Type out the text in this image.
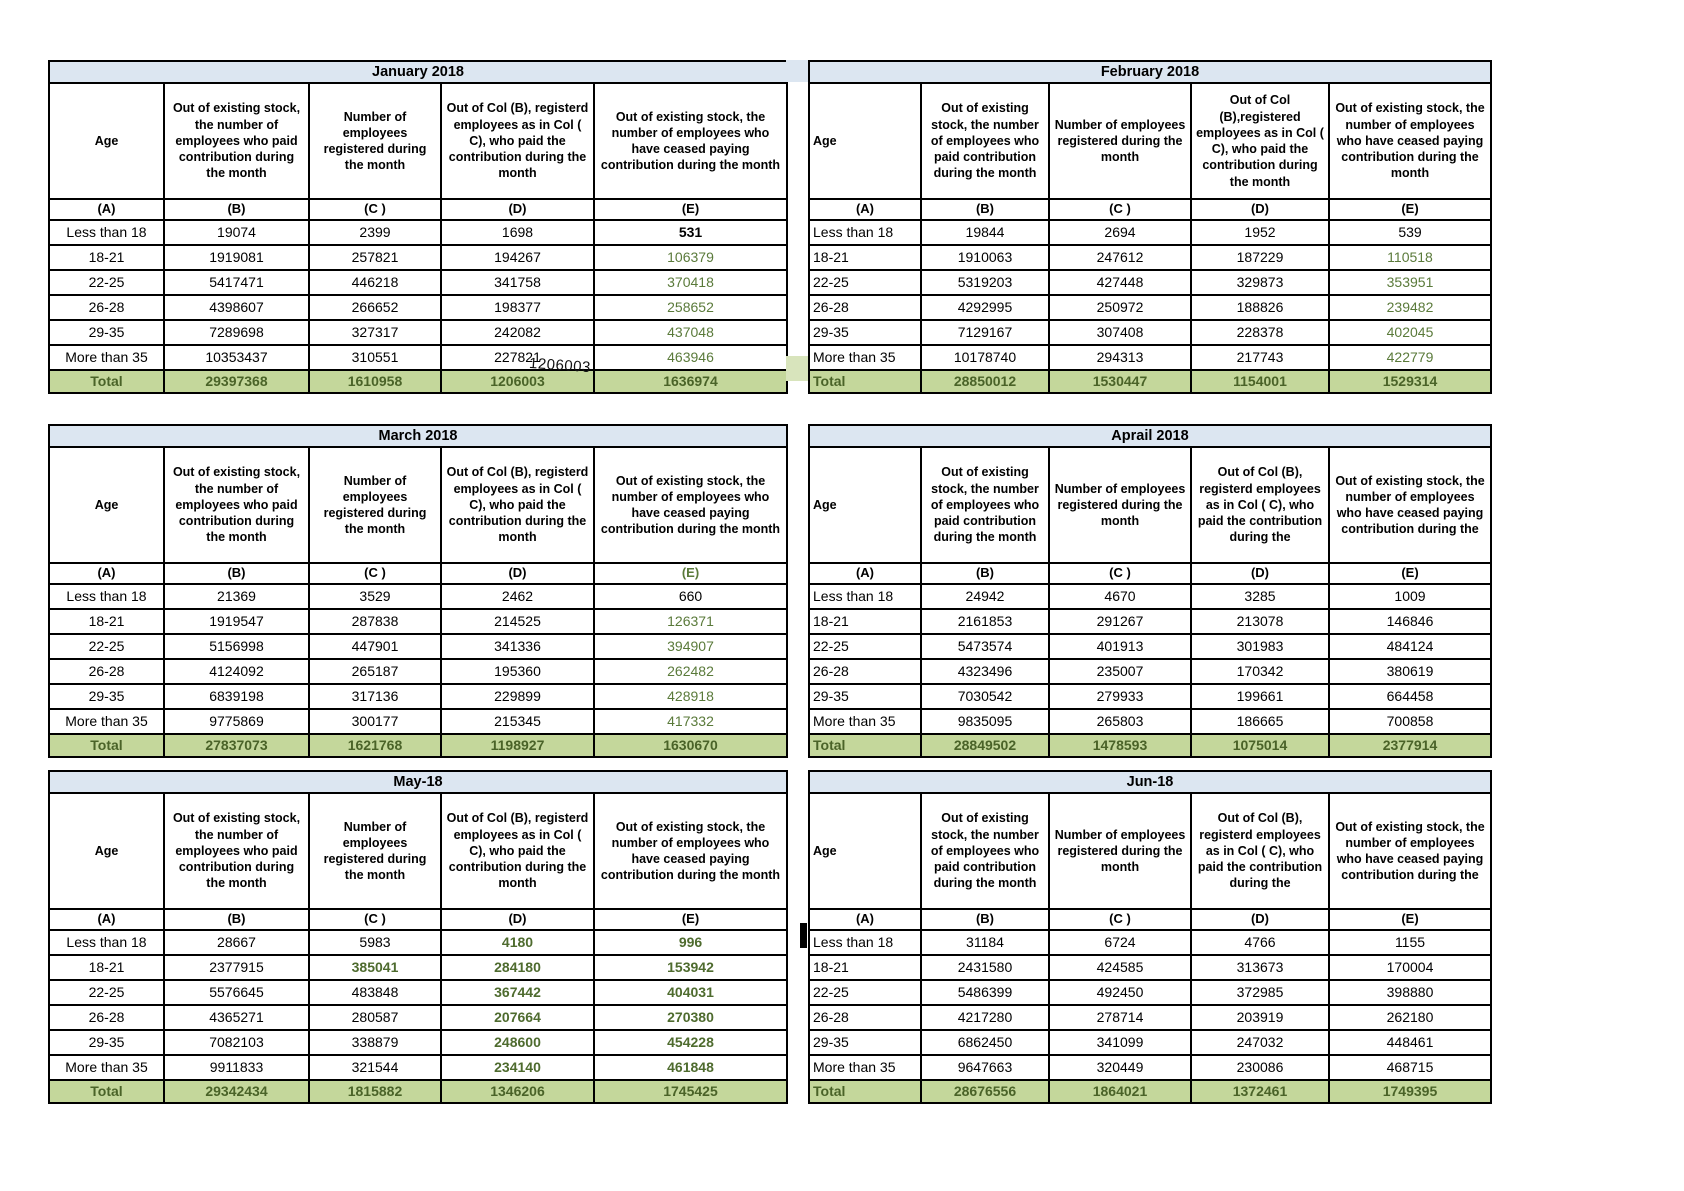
January 2018				
Age	Out of existing stock, the number of employees who paid contribution during the month	Number of employees registered during the month	Out of Col (B), registerd employees as in Col ( C), who paid the contribution during the month	Out of existing stock, the number of employees who have ceased paying contribution during the month
(A)	(B)	(C )	(D)	(E)
Less than 18	19074	2399	1698	531
18-21	1919081	257821	194267	106379
22-25	5417471	446218	341758	370418
26-28	4398607	266652	198377	258652
29-35	7289698	327317	242082	437048
More than 35	10353437	310551	227821	463946
Total	29397368	1610958	1206003	1636974
February 2018				
Age	Out of existing stock, the number of employees who paid contribution during the month	Number of employees registered during the month	Out of Col (B),registered employees as in Col ( C), who paid the contribution during the month	Out of existing stock, the number of employees who have ceased paying contribution during the month
(A)	(B)	(C )	(D)	(E)
Less than 18	19844	2694	1952	539
18-21	1910063	247612	187229	110518
22-25	5319203	427448	329873	353951
26-28	4292995	250972	188826	239482
29-35	7129167	307408	228378	402045
More than 35	10178740	294313	217743	422779
Total	28850012	1530447	1154001	1529314
March 2018				
Age	Out of existing stock, the number of employees who paid contribution during the month	Number of employees registered during the month	Out of Col (B), registerd employees as in Col ( C), who paid the contribution during the month	Out of existing stock, the number of employees who have ceased paying contribution during the month
(A)	(B)	(C )	(D)	(E)
Less than 18	21369	3529	2462	660
18-21	1919547	287838	214525	126371
22-25	5156998	447901	341336	394907
26-28	4124092	265187	195360	262482
29-35	6839198	317136	229899	428918
More than 35	9775869	300177	215345	417332
Total	27837073	1621768	1198927	1630670
Aprail 2018				
Age	Out of existing stock, the number of employees who paid contribution during the month	Number of employees registered during the month	Out of Col (B), registerd employees as in Col ( C), who paid the contribution during the	Out of existing stock, the number of employees who have ceased paying contribution during the
(A)	(B)	(C )	(D)	(E)
Less than 18	24942	4670	3285	1009
18-21	2161853	291267	213078	146846
22-25	5473574	401913	301983	484124
26-28	4323496	235007	170342	380619
29-35	7030542	279933	199661	664458
More than 35	9835095	265803	186665	700858
Total	28849502	1478593	1075014	2377914
May-18				
Age	Out of existing stock, the number of employees who paid contribution during the month	Number of employees registered during the month	Out of Col (B), registerd employees as in Col ( C), who paid the contribution during the month	Out of existing stock, the number of employees who have ceased paying contribution during the month
(A)	(B)	(C )	(D)	(E)
Less than 18	28667	5983	4180	996
18-21	2377915	385041	284180	153942
22-25	5576645	483848	367442	404031
26-28	4365271	280587	207664	270380
29-35	7082103	338879	248600	454228
More than 35	9911833	321544	234140	461848
Total	29342434	1815882	1346206	1745425
Jun-18				
Age	Out of existing stock, the number of employees who paid contribution during the month	Number of employees registered during the month	Out of Col (B), registerd employees as in Col ( C), who paid the contribution during the	Out of existing stock, the number of employees who have ceased paying contribution during the
(A)	(B)	(C )	(D)	(E)
Less than 18	31184	6724	4766	1155
18-21	2431580	424585	313673	170004
22-25	5486399	492450	372985	398880
26-28	4217280	278714	203919	262180
29-35	6862450	341099	247032	448461
More than 35	9647663	320449	230086	468715
Total	28676556	1864021	1372461	1749395
1206003
